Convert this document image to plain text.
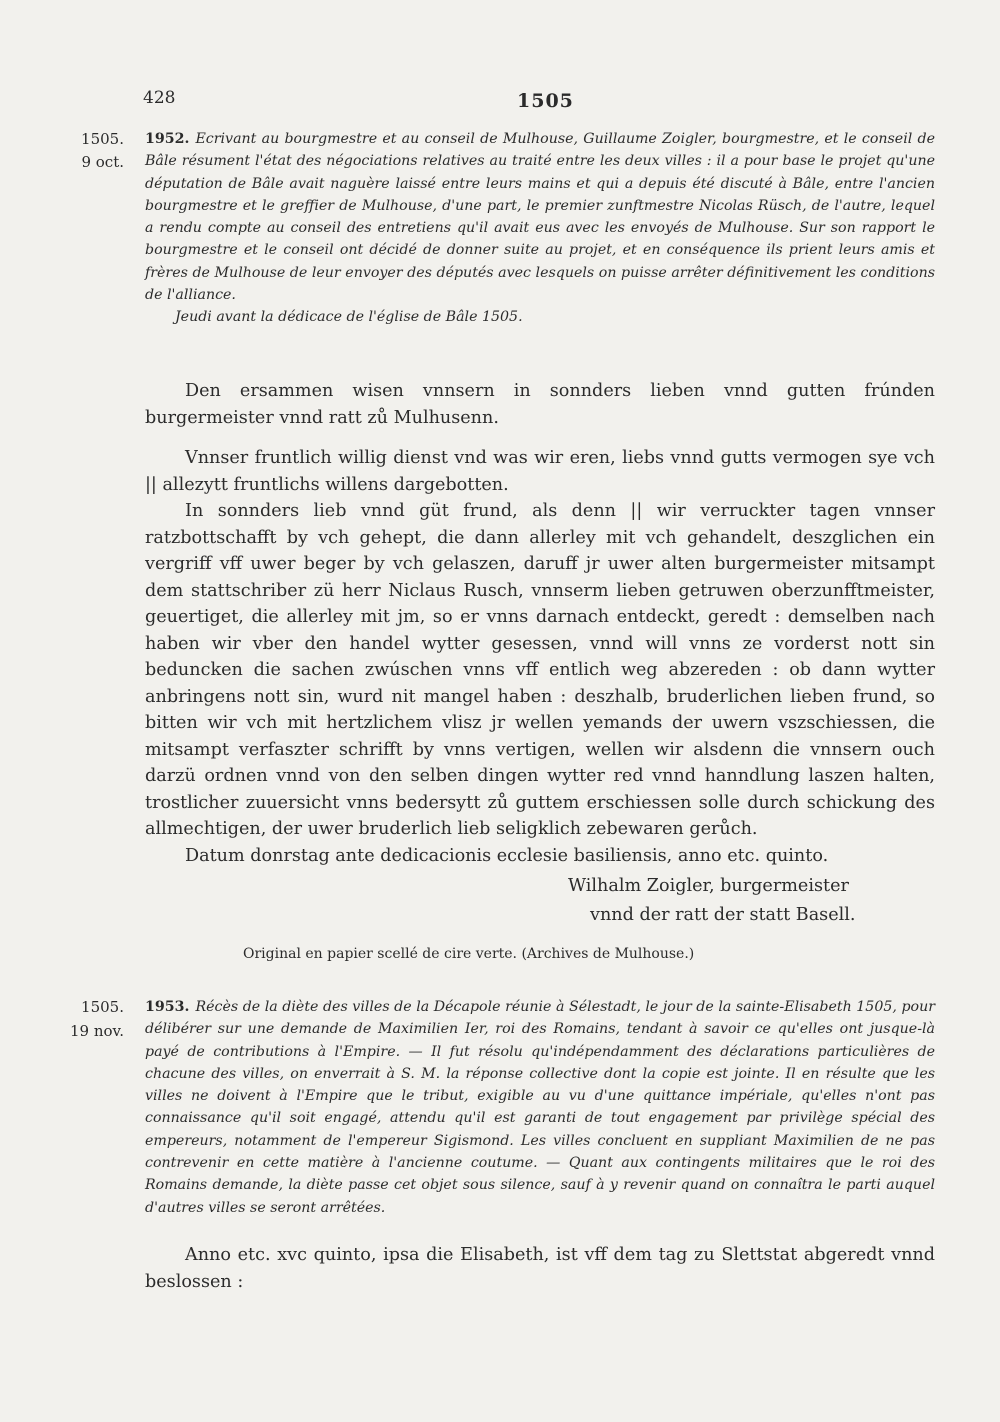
428	1505
1505.
9 oct.
1952. Ecrivant au bourgmestre et au conseil de Mulhouse, Guillaume Zoigler, bourgmestre, et le conseil de Bâle résument l'état des négociations relatives au traité entre les deux villes : il a pour base le projet qu'une députation de Bâle avait naguère laissé entre leurs mains et qui a depuis été discuté à Bâle, entre l'ancien bourgmestre et le greffier de Mulhouse, d'une part, le premier zunftmestre Nicolas Rüsch, de l'autre, lequel a rendu compte au conseil des entretiens qu'il avait eus avec les envoyés de Mulhouse. Sur son rapport le bourgmestre et le conseil ont décidé de donner suite au projet, et en conséquence ils prient leurs amis et frères de Mulhouse de leur envoyer des députés avec lesquels on puisse arrêter définitivement les conditions de l'alliance.
Jeudi avant la dédicace de l'église de Bâle 1505.

Den ersammen wisen vnnsern in sonnders lieben vnnd gutten frúnden burgermeister vnnd ratt zů Mulhusenn.

Vnnser fruntlich willig dienst vnd was wir eren, liebs vnnd gutts vermogen sye vch || allezytt fruntlichs willens dargebotten.

In sonnders lieb vnnd güt frund, als denn || wir verruckter tagen vnnser ratzbottschafft by vch gehept, die dann allerley mit vch gehandelt, deszglichen ein vergriff vff uwer beger by vch gelaszen, daruff jr uwer alten burgermeister mitsampt dem stattschriber zü herr Niclaus Rusch, vnnserm lieben getruwen oberzunfftmeister, geuertiget, die allerley mit jm, so er vnns darnach entdeckt, geredt : demselben nach haben wir vber den handel wytter gesessen, vnnd will vnns ze vorderst nott sin beduncken die sachen zwúschen vnns vff entlich weg abzereden : ob dann wytter anbringens nott sin, wurd nit mangel haben : deszhalb, bruderlichen lieben frund, so bitten wir vch mit hertzlichem vlisz jr wellen yemands der uwern vszschiessen, die mitsampt verfaszter schrifft by vnns vertigen, wellen wir alsdenn die vnnsern ouch darzü ordnen vnnd von den selben dingen wytter red vnnd hanndlung laszen halten, trostlicher zuuersicht vnns bedersytt zů guttem erschiessen solle durch schickung des allmechtigen, der uwer bruderlich lieb seligklich zebewaren gerůch.

Datum donrstag ante dedicacionis ecclesie basiliensis, anno etc. quinto.

Wilhalm Zoigler, burgermeister
vnnd der ratt der statt Basell.
Original en papier scellé de cire verte. (Archives de Mulhouse.)
1505.
19 nov.
1953. Récès de la diète des villes de la Décapole réunie à Sélestadt, le jour de la sainte-Elisabeth 1505, pour délibérer sur une demande de Maximilien Ier, roi des Romains, tendant à savoir ce qu'elles ont jusque-là payé de contributions à l'Empire. — Il fut résolu qu'indépendamment des déclarations particulières de chacune des villes, on enverrait à S. M. la réponse collective dont la copie est jointe. Il en résulte que les villes ne doivent à l'Empire que le tribut, exigible au vu d'une quittance impériale, qu'elles n'ont pas connaissance qu'il soit engagé, attendu qu'il est garanti de tout engagement par privilège spécial des empereurs, notamment de l'empereur Sigismond. Les villes concluent en suppliant Maximilien de ne pas contrevenir en cette matière à l'ancienne coutume. — Quant aux contingents militaires que le roi des Romains demande, la diète passe cet objet sous silence, sauf à y revenir quand on connaîtra le parti auquel d'autres villes se seront arrêtées.

Anno etc. xvc quinto, ipsa die Elisabeth, ist vff dem tag zu Slettstat abgeredt vnnd beslossen :
